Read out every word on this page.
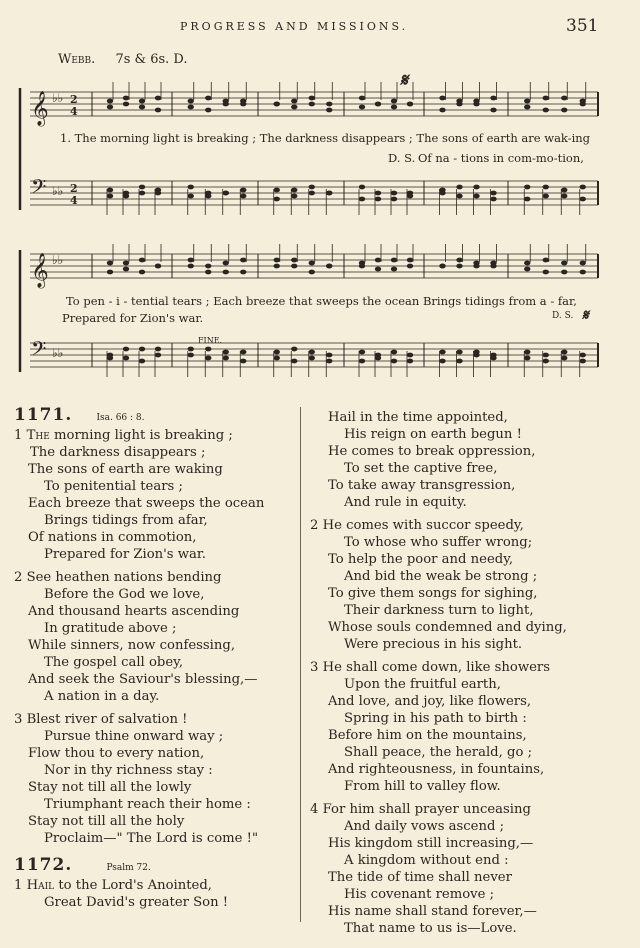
PROGRESS AND MISSIONS.	351
Webb. 7s & 6s. D.
𝄋
𝄞 ♭♭ 2
4
𝄢 ♭♭ 2
4
𝄞 ♭♭
𝄢 ♭♭
1. The morning light is breaking ; The darkness disappears ; The sons of earth are wak-ing
D. S. Of na - tions in com-mo-tion,
To pen - i - tential tears ; Each breeze that sweeps the ocean Brings tidings from a - far,
Prepared for Zion's war.	D. S. 𝄋
FINE.
1171.	Isa. 66 : 8.
1 The morning light is breaking ;
The darkness disappears ;
The sons of earth are waking
To penitential tears ;
Each breeze that sweeps the ocean
Brings tidings from afar,
Of nations in commotion,
Prepared for Zion's war.
2 See heathen nations bending
Before the God we love,
And thousand hearts ascending
In gratitude above ;
While sinners, now confessing,
The gospel call obey,
And seek the Saviour's blessing,—
A nation in a day.
3 Blest river of salvation !
Pursue thine onward way ;
Flow thou to every nation,
Nor in thy richness stay :
Stay not till all the lowly
Triumphant reach their home :
Stay not till all the holy
Proclaim—" The Lord is come !"
1172.	Psalm 72.
1 Hail to the Lord's Anointed,
Great David's greater Son !
Hail in the time appointed,
His reign on earth begun !
He comes to break oppression,
To set the captive free,
To take away transgression,
And rule in equity.
2 He comes with succor speedy,
To whose who suffer wrong;
To help the poor and needy,
And bid the weak be strong ;
To give them songs for sighing,
Their darkness turn to light,
Whose souls condemned and dying,
Were precious in his sight.
3 He shall come down, like showers
Upon the fruitful earth,
And love, and joy, like flowers,
Spring in his path to birth :
Before him on the mountains,
Shall peace, the herald, go ;
And righteousness, in fountains,
From hill to valley flow.
4 For him shall prayer unceasing
And daily vows ascend ;
His kingdom still increasing,—
A kingdom without end :
The tide of time shall never
His covenant remove ;
His name shall stand forever,—
That name to us is—Love.
